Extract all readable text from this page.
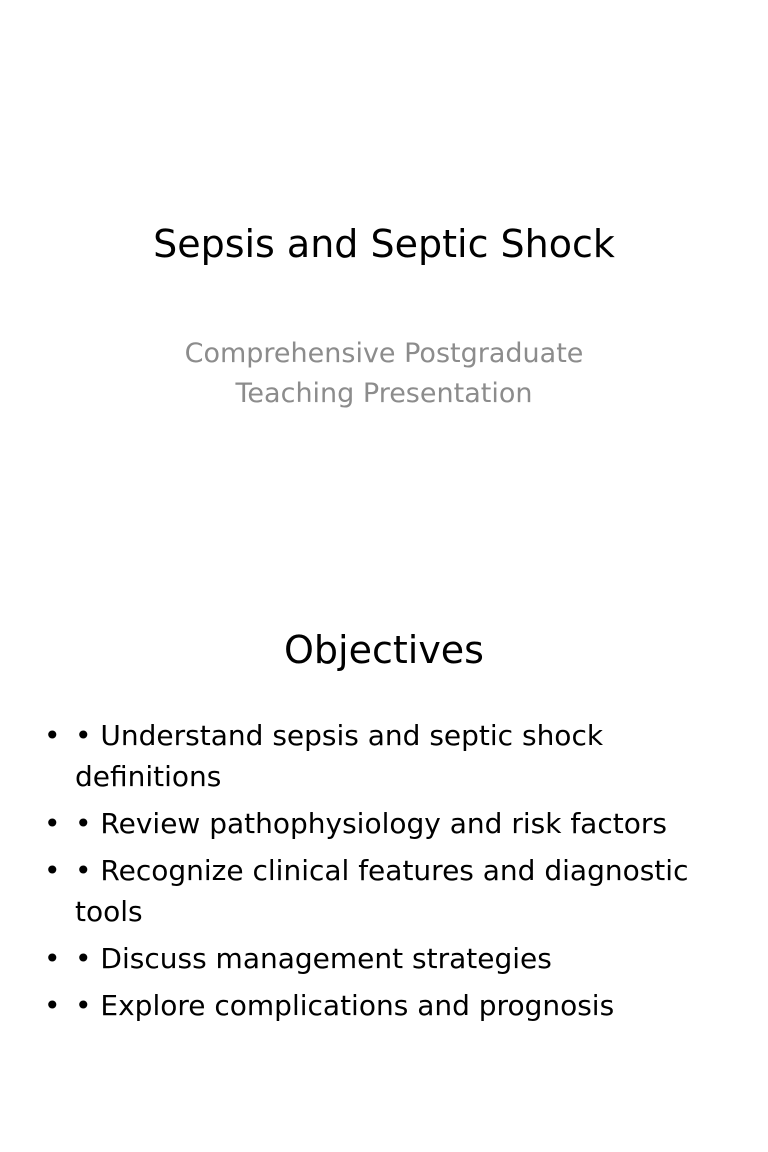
Sepsis and Septic Shock
Comprehensive Postgraduate Teaching Presentation
Objectives
• • Understand sepsis and septic shock definitions
• • Review pathophysiology and risk factors
• • Recognize clinical features and diagnostic tools
• • Discuss management strategies
• • Explore complications and prognosis
